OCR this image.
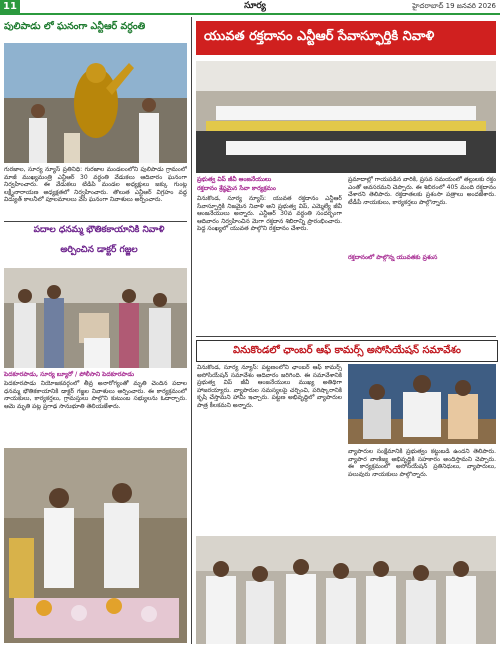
11	సూర్య	హైదరాబాద్ 19 జనవరి 2026
పులిపాడు లో ఘనంగా ఎన్టీఆర్ వర్ధంతి
గురజాల, సూర్య న్యూస్ ప్రతినిధి: గురజాల మండలంలోని పులిపాడు గ్రామంలో మాజీ ముఖ్యమంత్రి ఎన్టీఆర్ 30 వర్ధంతి వేడుకలు ఆదివారం ఘనంగా నిర్వహించారు. ఈ వేడుకలు టిడిపి మండల అధ్యక్షులు జక్కు గుంట్ల లక్ష్మీనారాయణ అధ్యక్షతలో నిర్వహించారు. తొలుత ఎన్టీఆర్ విగ్రహం వద్ద విద్యుత్ కాలనీలో పూలమాలలు వేసి ఘనంగా నివాళులు అర్పించారు.
పదాల ధనమ్మ భౌతికకాయానికి నివాళి
అర్పించిన డాక్టర్ గజ్జల
పెదకూరపాడు, సూర్య బ్యూరో / పోలీసాని పెదకూరపాడు
పెదకూరపాడు నియోజకవర్గంలో తీవ్ర అనారోగ్యంతో మృతి చెందిన పదాల ధనమ్మ భౌతికకాయానికి డాక్టర్ గజ్జల నివాళులు అర్పించారు. ఈ కార్యక్రమంలో నాయకులు, కార్యకర్తలు, గ్రామస్తులు పాల్గొని కుటుంబ సభ్యులను ఓదార్చారు. ఆమె మృతి పట్ల ప్రగాఢ సానుభూతి తెలియజేశారు.
యువత రక్తదానం ఎన్టీఆర్ సేవాస్ఫూర్తికి నివాళి
ప్రభుత్వ విప్ జీవీ ఆంజనేయులు
రక్తదానం శ్రేష్ఠమైన సేవా కార్యక్రమం
వినుకొండ, సూర్య న్యూస్: యువత రక్తదానం ఎన్టీఆర్ సేవాస్ఫూర్తికి నిజమైన నివాళి అని ప్రభుత్వ విప్, ఎమ్మెల్యే జీవీ ఆంజనేయులు అన్నారు. ఎన్టీఆర్ 30వ వర్ధంతి సందర్భంగా ఆదివారం నిర్వహించిన మెగా రక్తదాన శిబిరాన్ని ప్రారంభించారు. పెద్ద సంఖ్యలో యువత పాల్గొని రక్తదానం చేశారు.
ప్రమాదాల్లో గాయపడిన వారికి, ప్రసవ సమయంలో తల్లులకు రక్తం ఎంతో అవసరమని చెప్పారు. ఈ శిబిరంలో 405 మంది రక్తదానం చేశారని తెలిపారు. రక్తదాతలకు ప్రశంసా పత్రాలు అందజేశారు. టీడీపీ నాయకులు, కార్యకర్తలు పాల్గొన్నారు.
రక్తదానంలో పాల్గొన్న యువతకు ప్రశంస
వినుకొండలో ఛాంబర్ ఆఫ్ కామర్స్ అసోసియేషన్ సమావేశం
వినుకొండ, సూర్య న్యూస్: పట్టణంలోని ఛాంబర్ ఆఫ్ కామర్స్ అసోసియేషన్ సమావేశం ఆదివారం జరిగింది. ఈ సమావేశానికి ప్రభుత్వ విప్ జీవీ ఆంజనేయులు ముఖ్య అతిథిగా హాజరయ్యారు. వ్యాపారుల సమస్యలపై చర్చించి, పరిష్కారానికి కృషి చేస్తామని హామీ ఇచ్చారు. పట్టణ అభివృద్ధిలో వ్యాపారుల పాత్ర కీలకమని అన్నారు.
వ్యాపారుల సంక్షేమానికి ప్రభుత్వం కట్టుబడి ఉందని తెలిపారు. వ్యాపార వాణిజ్య అభివృద్ధికి సహకారం అందిస్తామని చెప్పారు. ఈ కార్యక్రమంలో అసోసియేషన్ ప్రతినిధులు, వ్యాపారులు, పలువురు నాయకులు పాల్గొన్నారు.
